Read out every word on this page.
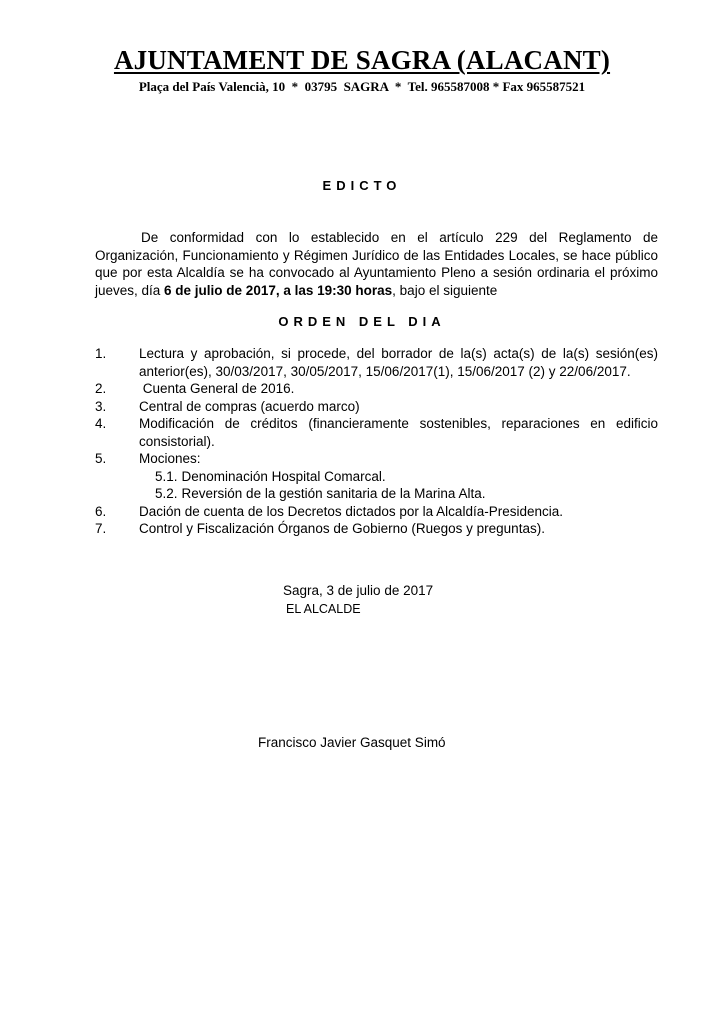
AJUNTAMENT DE SAGRA (ALACANT)

Plaça del País Valencià, 10  *  03795  SAGRA  *  Tel. 965587008 * Fax 965587521

EDICTO

De conformidad con lo establecido en el artículo 229 del Reglamento de Organización, Funcionamiento y Régimen Jurídico de las Entidades Locales, se hace público que por esta Alcaldía se ha convocado al Ayuntamiento Pleno a sesión ordinaria el próximo jueves, día 6 de julio de 2017, a las 19:30 horas, bajo el siguiente

ORDEN DEL DIA
1.	Lectura y aprobación, si procede, del borrador de la(s) acta(s) de la(s) sesión(es) anterior(es), 30/03/2017, 30/05/2017, 15/06/2017(1), 15/06/2017 (2) y 22/06/2017.
2.	Cuenta General de 2016.
3.	Central de compras (acuerdo marco)
4.	Modificación de créditos (financieramente sostenibles, reparaciones en edificio consistorial).
5.	Mociones:
5.1. Denominación Hospital Comarcal.
5.2. Reversión de la gestión sanitaria de la Marina Alta.
6.	Dación de cuenta de los Decretos dictados por la Alcaldía-Presidencia.
7.	Control y Fiscalización Órganos de Gobierno (Ruegos y preguntas).

Sagra, 3 de julio de 2017

EL ALCALDE

Francisco Javier Gasquet Simó
